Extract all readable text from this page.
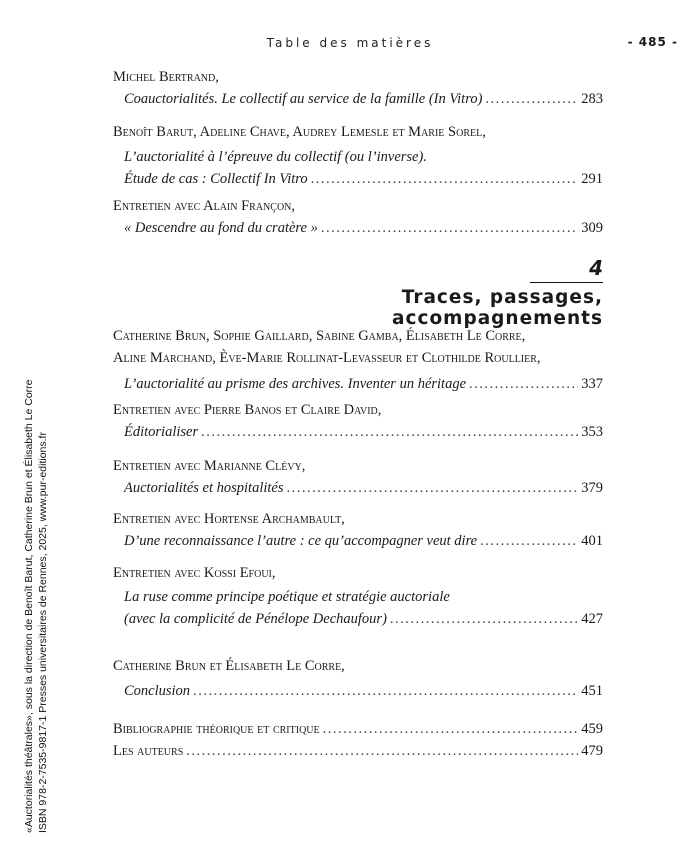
Table des matières	- 485 -
«Auctorialités théâtrales», sous la direction de Benoît Barut, Catherine Brun et Élisabeth Le Corre ISBN 978-2-7535-9817-1 Presses universitaires de Rennes, 2025, www.pur-editions.fr
Michel Bertrand,
Coauctorialités. Le collectif au service de la famille (In Vitro) .....	283
Benoît Barut, Adeline Chave, Audrey Lemesle et Marie Sorel,
L’auctorialité à l’épreuve du collectif (ou l’inverse).
Étude de cas : Collectif In Vitro .....	291
Entretien avec Alain Françon,
« Descendre au fond du cratère » .....	309
Catherine Brun, Sophie Gaillard, Sabine Gamba, Élisabeth Le Corre,
Aline Marchand, Ève-Marie Rollinat-Levasseur et Clothilde Roullier,
L’auctorialité au prisme des archives. Inventer un héritage .....	337
Entretien avec Pierre Banos et Claire David,
Éditorialiser .....	353
Entretien avec Marianne Clévy,
Auctorialités et hospitalités .....	379
Entretien avec Hortense Archambault,
D’une reconnaissance l’autre : ce qu’accompagner veut dire .....	401
Entretien avec Kossi Efoui,
La ruse comme principe poétique et stratégie auctoriale
(avec la complicité de Pénélope Dechaufour) .....	427
Catherine Brun et Élisabeth Le Corre,
Conclusion .....	451
Bibliographie théorique et critique .....	459
Les auteurs .....	479
4
Traces, passages, accompagnements
